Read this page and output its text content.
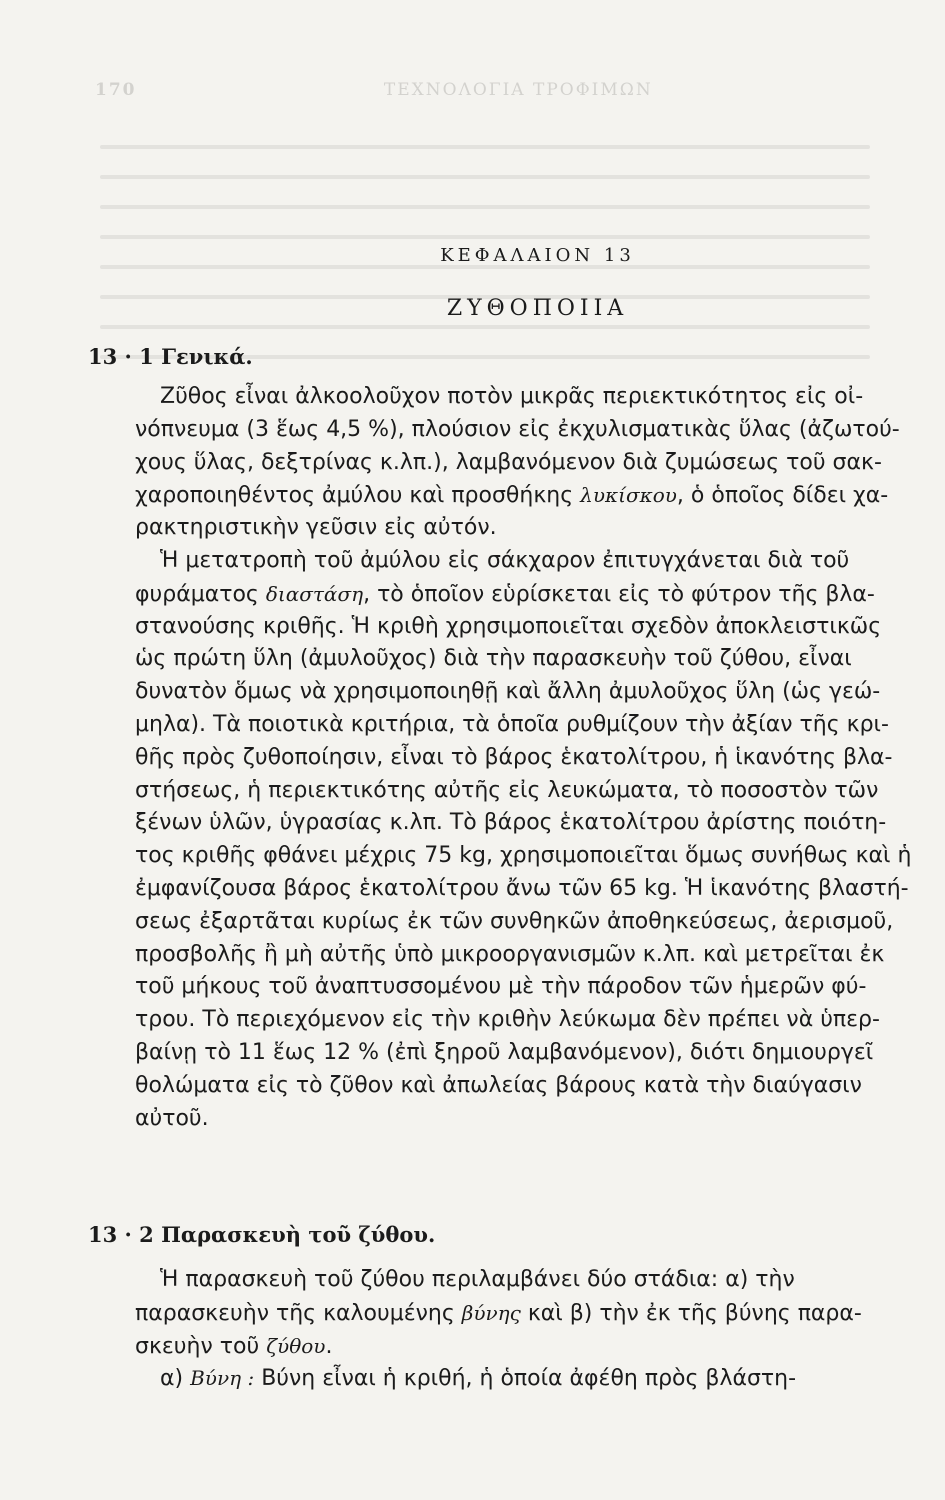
170	ΤΕΧΝΟΛΟΓΙΑ ΤΡΟΦΙΜΩΝ
ΚΕΦΑΛΑΙΟΝ 13
ΖΥΘΟΠΟΙΙΑ
13 · 1 Γενικά.
Ζῦθος εἶναι ἀλκοολοῦχον ποτὸν μικρᾶς περιεκτικότητος εἰς οἰ-
νόπνευμα (3 ἕως 4,5 %), πλούσιον εἰς ἐκχυλισματικὰς ὕλας (ἀζωτού-
χους ὕλας, δεξτρίνας κ.λπ.), λαμβανόμενον διὰ ζυμώσεως τοῦ σακ-
χαροποιηθέντος ἀμύλου καὶ προσθήκης λυκίσκου, ὁ ὁποῖος δίδει χα-
ρακτηριστικὴν γεῦσιν εἰς αὐτόν.
Ἡ μετατροπὴ τοῦ ἀμύλου εἰς σάκχαρον ἐπιτυγχάνεται διὰ τοῦ
φυράματος διαστάση, τὸ ὁποῖον εὑρίσκεται εἰς τὸ φύτρον τῆς βλα-
στανούσης κριθῆς. Ἡ κριθὴ χρησιμοποιεῖται σχεδὸν ἀποκλειστικῶς
ὡς πρώτη ὕλη (ἀμυλοῦχος) διὰ τὴν παρασκευὴν τοῦ ζύθου, εἶναι
δυνατὸν ὅμως νὰ χρησιμοποιηθῇ καὶ ἄλλη ἀμυλοῦχος ὕλη (ὡς γεώ-
μηλα). Τὰ ποιοτικὰ κριτήρια, τὰ ὁποῖα ρυθμίζουν τὴν ἀξίαν τῆς κρι-
θῆς πρὸς ζυθοποίησιν, εἶναι τὸ βάρος ἑκατολίτρου, ἡ ἱκανότης βλα-
στήσεως, ἡ περιεκτικότης αὐτῆς εἰς λευκώματα, τὸ ποσοστὸν τῶν
ξένων ὑλῶν, ὑγρασίας κ.λπ. Τὸ βάρος ἑκατολίτρου ἀρίστης ποιότη-
τος κριθῆς φθάνει μέχρις 75 kg, χρησιμοποιεῖται ὅμως συνήθως καὶ ἡ
ἐμφανίζουσα βάρος ἑκατολίτρου ἄνω τῶν 65 kg. Ἡ ἱκανότης βλαστή-
σεως ἐξαρτᾶται κυρίως ἐκ τῶν συνθηκῶν ἀποθηκεύσεως, ἀερισμοῦ,
προσβολῆς ἢ μὴ αὐτῆς ὑπὸ μικροοργανισμῶν κ.λπ. καὶ μετρεῖται ἐκ
τοῦ μήκους τοῦ ἀναπτυσσομένου μὲ τὴν πάροδον τῶν ἡμερῶν φύ-
τρου. Τὸ περιεχόμενον εἰς τὴν κριθὴν λεύκωμα δὲν πρέπει νὰ ὑπερ-
βαίνῃ τὸ 11 ἕως 12 % (ἐπὶ ξηροῦ λαμβανόμενον), διότι δημιουργεῖ
θολώματα εἰς τὸ ζῦθον καὶ ἀπωλείας βάρους κατὰ τὴν διαύγασιν
αὐτοῦ.
13 · 2 Παρασκευὴ τοῦ ζύθου.
Ἡ παρασκευὴ τοῦ ζύθου περιλαμβάνει δύο στάδια: α) τὴν
παρασκευὴν τῆς καλουμένης βύνης καὶ β) τὴν ἐκ τῆς βύνης παρα-
σκευὴν τοῦ ζύθου.
α) Βύνη : Βύνη εἶναι ἡ κριθή, ἡ ὁποία ἀφέθη πρὸς βλάστη-
